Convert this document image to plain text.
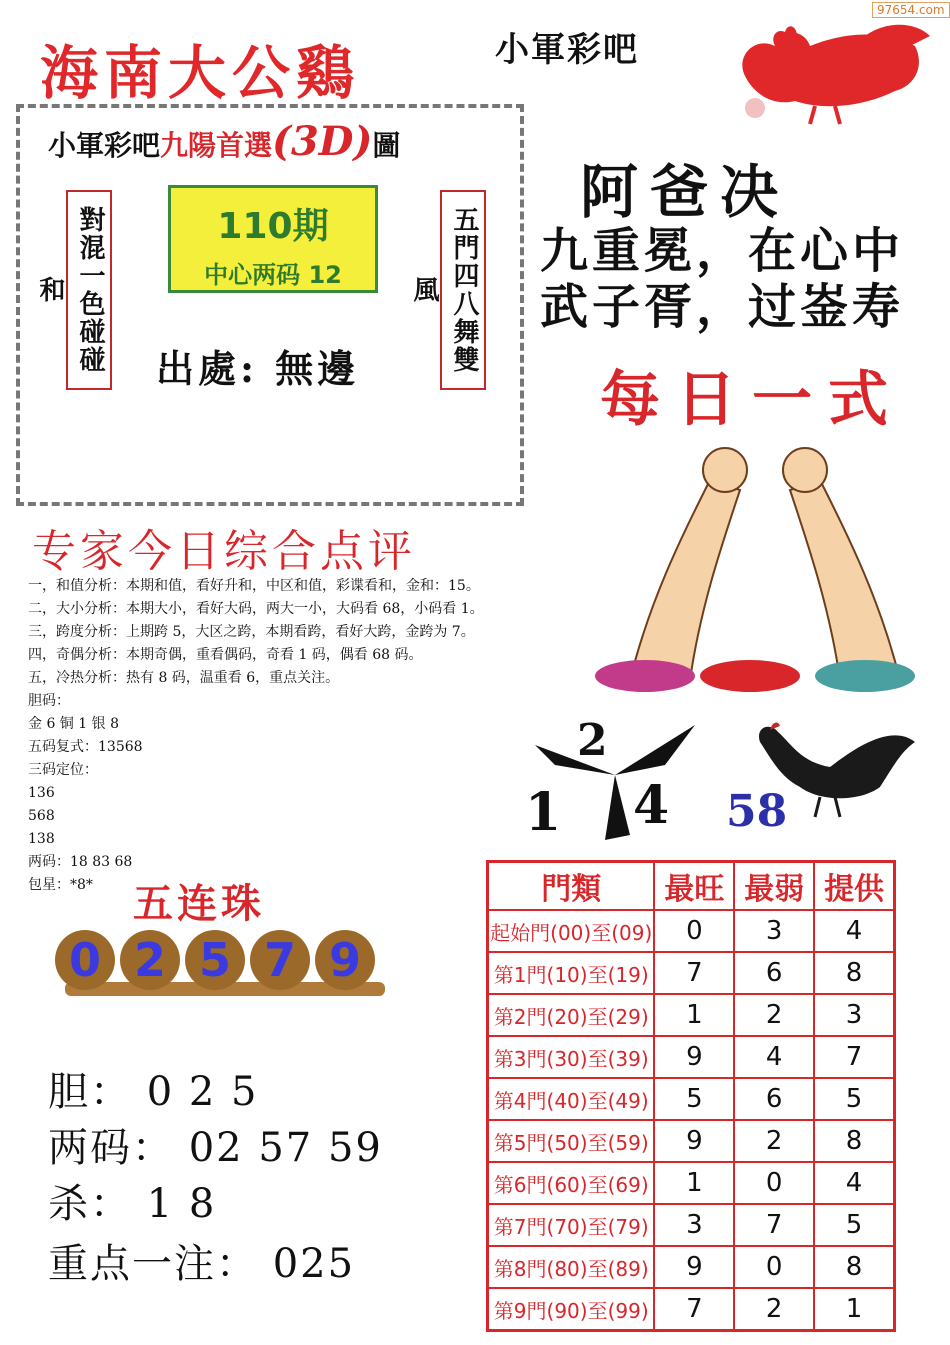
97654.com
海南大公鷄	小軍彩吧
小軍彩吧九陽首選(3D)圖
對混一色碰碰和	五門四八舞雙風
110期
中心两码 12
出處: 無邊
阿爸决
九重冕，在心中
武子胥，过崟寿
每日一式
专家今日综合点评
一，和值分析：本期和值，看好升和，中区和值，彩谍看和，金和：15。
二，大小分析：本期大小，看好大码，两大一小，大码看 68，小码看 1。
三，跨度分析：上期跨 5，大区之跨，本期看跨，看好大跨，金跨为 7。
四，奇偶分析：本期奇偶，重看偶码，奇看 1 码，偶看 68 码。
五，冷热分析：热有 8 码，温重看 6，重点关注。
胆码：
金 6 铜 1 银 8
五码复式：13568
三码定位：
136
568
138
两码：18 83 68
包星：*8*
2
1 4 58
五连珠
0 2 5 7 9
胆： 0 2 5
两码： 02 57 59
杀： 1 8
重点一注： 025
門類	最旺	最弱	提供
起始門(00)至(09)	0	3	4
第1門(10)至(19)	7	6	8
第2門(20)至(29)	1	2	3
第3門(30)至(39)	9	4	7
第4門(40)至(49)	5	6	5
第5門(50)至(59)	9	2	8
第6門(60)至(69)	1	0	4
第7門(70)至(79)	3	7	5
第8門(80)至(89)	9	0	8
第9門(90)至(99)	7	2	1
